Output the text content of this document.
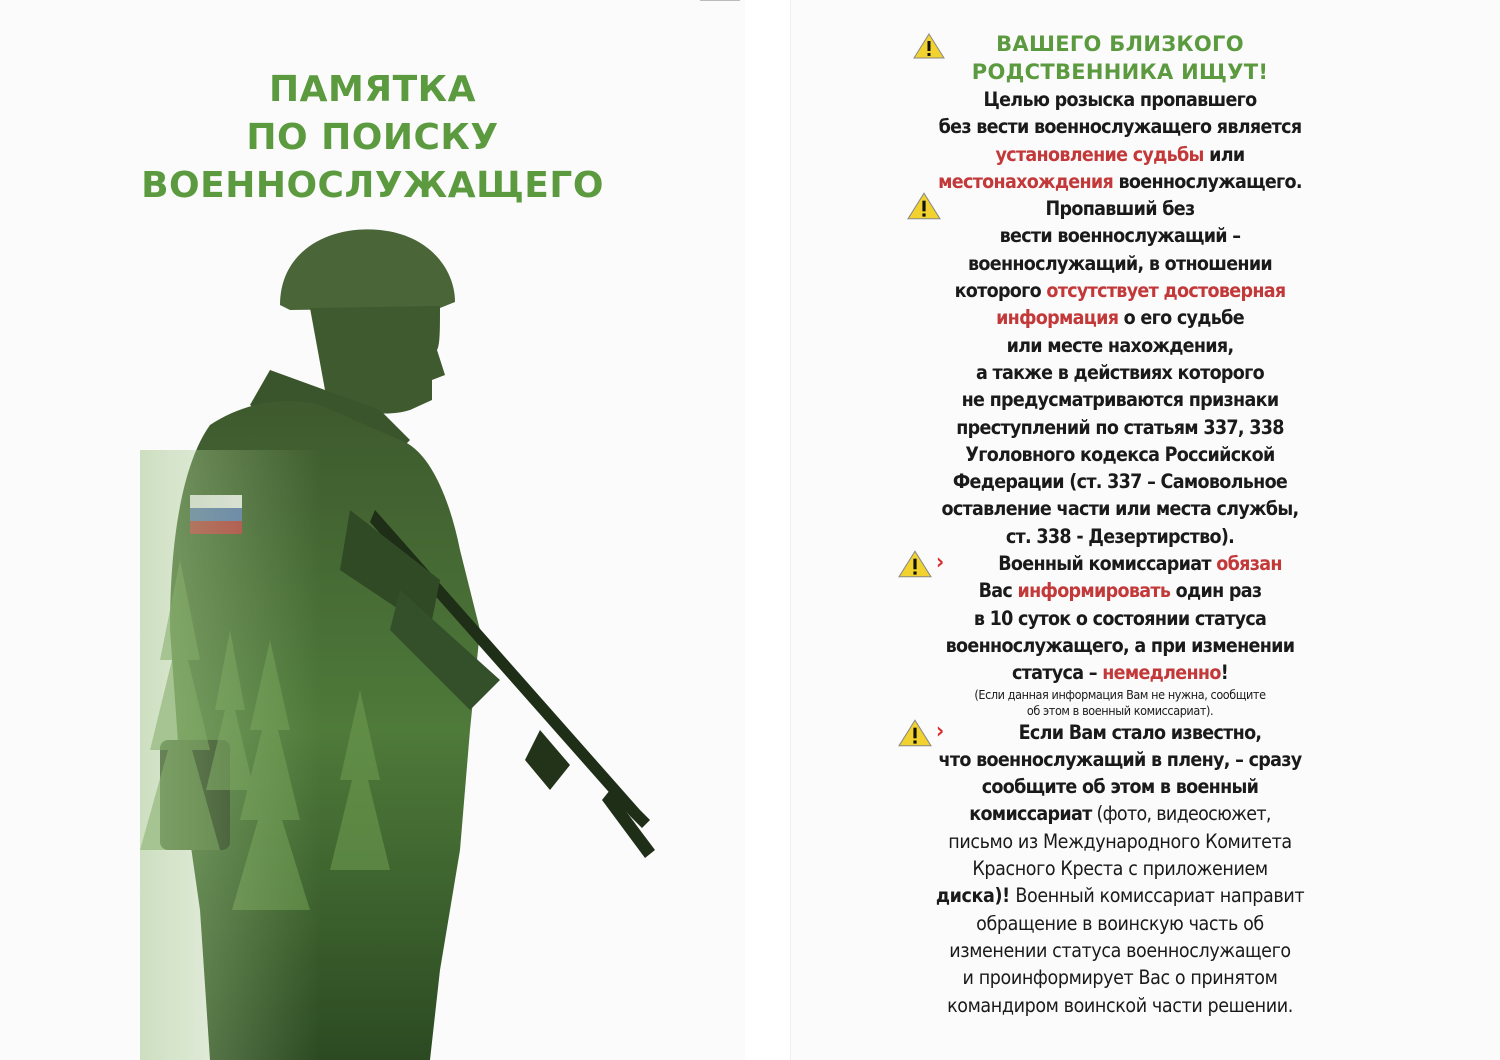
ПАМЯТКА
ПО ПОИСКУ
ВОЕННОСЛУЖАЩЕГО
ВАШЕГО БЛИЗКОГО
РОДСТВЕННИКА ИЩУТ!
Целью розыска пропавшего
без вести военнослужащего является
установление судьбы или
местонахождения военнослужащего.
Пропавший без
вести военнослужащий –
военнослужащий, в отношении
которого отсутствует достоверная
информация о его судьбе
или месте нахождения,
а также в действиях которого
не предусматриваются признаки
преступлений по статьям 337, 338
Уголовного кодекса Российской
Федерации (ст. 337 – Самовольное
оставление части или места службы,
ст. 338 - Дезертирство).
›	Военный комиссариат обязан
Вас информировать один раз
в 10 суток о состоянии статуса
военнослужащего, а при изменении
статуса – немедленно!
(Если данная информация Вам не нужна, сообщите
об этом в военный комиссариат).
›	Если Вам стало известно,
что военнослужащий в плену, – сразу
сообщите об этом в военный
комиссариат (фото, видеосюжет,
письмо из Международного Комитета
Красного Креста с приложением
диска)! Военный комиссариат направит
обращение в воинскую часть об
изменении статуса военнослужащего
и проинформирует Вас о принятом
командиром воинской части решении.
